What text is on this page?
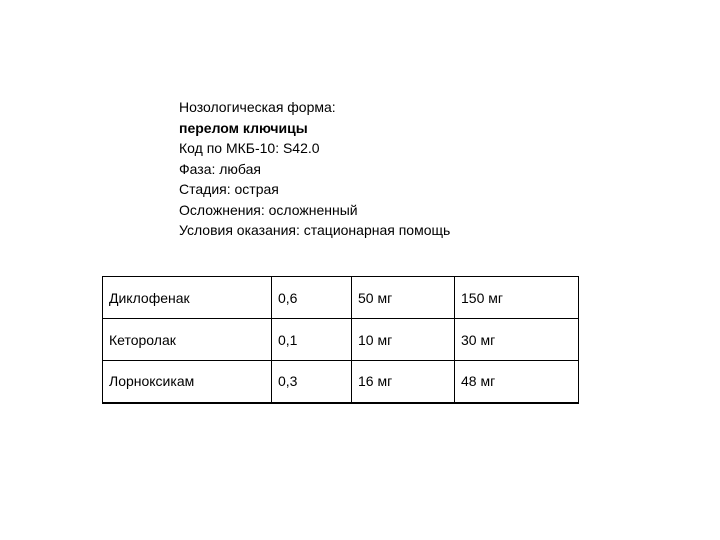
Нозологическая форма:
перелом ключицы
Код по МКБ-10: S42.0
Фаза: любая
Стадия: острая
Осложнения: осложненный
Условия оказания: стационарная помощь
Диклофенак	0,6	50 мг	150 мг
Кеторолак	0,1	10 мг	30 мг
Лорноксикам	0,3	16 мг	48 мг
